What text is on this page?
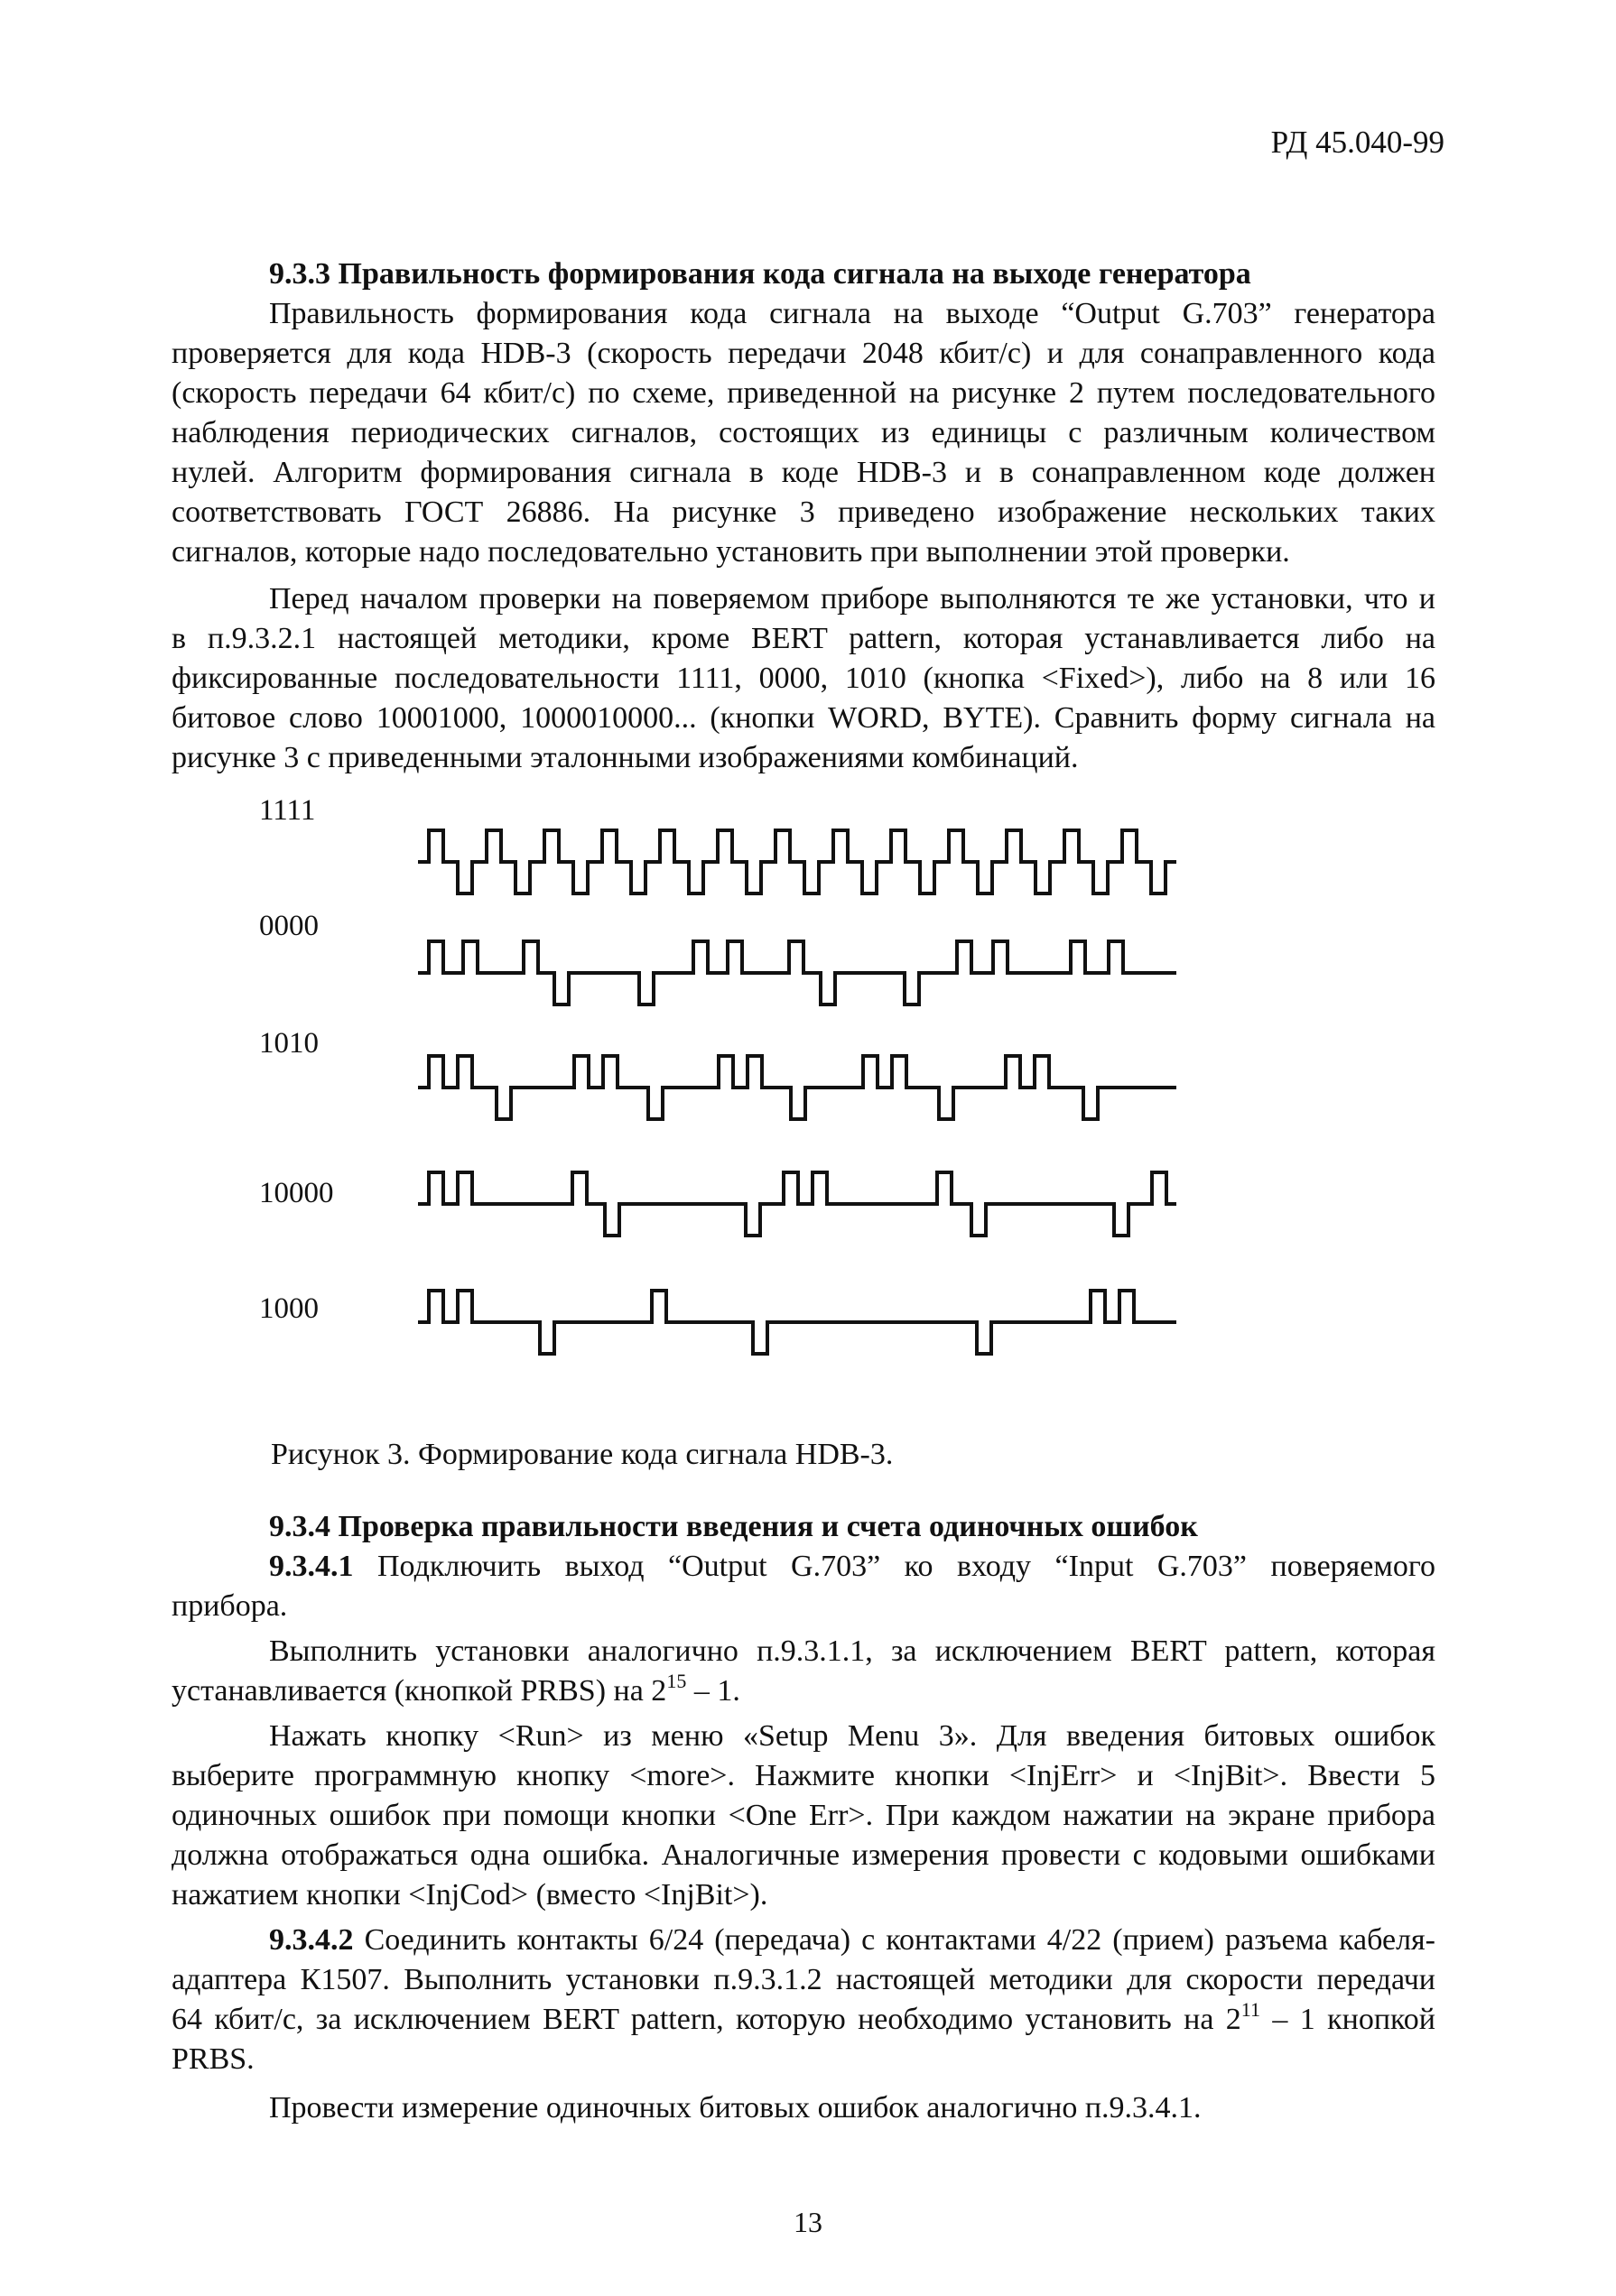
РД 45.040-99
9.3.3 Правильность формирования кода сигнала на выходе генератора
Правильность формирования кода сигнала на выходе “Output G.703” генератора
проверяется для кода HDB-3 (скорость передачи 2048 кбит/с) и для сонаправленного кода
(скорость передачи 64 кбит/с) по схеме, приведенной на рисунке 2 путем последовательного
наблюдения периодических сигналов, состоящих из единицы с различным количеством
нулей. Алгоритм формирования сигнала в коде HDB-3 и в сонаправленном коде должен
соответствовать ГОСТ 26886. На рисунке 3 приведено изображение нескольких таких
сигналов, которые надо последовательно установить при выполнении этой проверки.
Перед началом проверки на поверяемом приборе выполняются те же установки, что и
в п.9.3.2.1 настоящей методики, кроме BERT pattern, которая устанавливается либо на
фиксированные последовательности 1111, 0000, 1010 (кнопка <Fixed>), либо на 8 или 16
битовое слово 10001000, 1000010000... (кнопки WORD, BYTE). Сравнить форму сигнала на
рисунке 3 с приведенными эталонными изображениями комбинаций.
1111
0000
1010
10000
1000
Рисунок 3. Формирование кода сигнала HDB-3.
9.3.4 Проверка правильности введения и счета одиночных ошибок
9.3.4.1 Подключить выход “Output G.703” ко входу “Input G.703” поверяемого
прибора.
Выполнить установки аналогично п.9.3.1.1, за исключением BERT pattern, которая
устанавливается (кнопкой PRBS) на $2^{15} - 1$.
Нажать кнопку <Run> из меню «Setup Menu 3». Для введения битовых ошибок
выберите программную кнопку <more>. Нажмите кнопки <InjErr> и <InjBit>. Ввести 5
одиночных ошибок при помощи кнопки <One Err>. При каждом нажатии на экране прибора
должна отображаться одна ошибка. Аналогичные измерения провести с кодовыми ошибками
нажатием кнопки <InjCod> (вместо <InjBit>).
9.3.4.2 Соединить контакты 6/24 (передача) с контактами 4/22 (прием) разъема кабеля-
адаптера К1507. Выполнить установки п.9.3.1.2 настоящей методики для скорости передачи
64 кбит/с, за исключением BERT pattern, которую необходимо установить на $2^{11} - 1$ кнопкой
PRBS.
Провести измерение одиночных битовых ошибок аналогично п.9.3.4.1.
13
